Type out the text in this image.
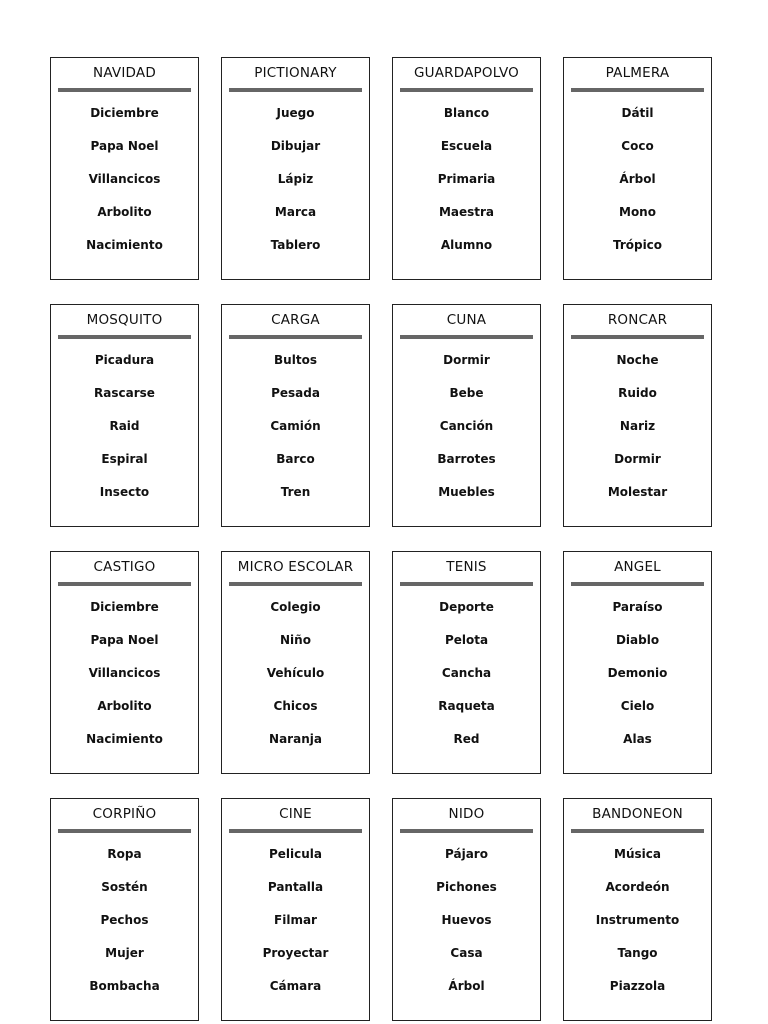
NAVIDAD
Diciembre
Papa Noel
Villancicos
Arbolito
Nacimiento
PICTIONARY
Juego
Dibujar
Lápiz
Marca
Tablero
GUARDAPOLVO
Blanco
Escuela
Primaria
Maestra
Alumno
PALMERA
Dátil
Coco
Árbol
Mono
Trópico
MOSQUITO
Picadura
Rascarse
Raid
Espiral
Insecto
CARGA
Bultos
Pesada
Camión
Barco
Tren
CUNA
Dormir
Bebe
Canción
Barrotes
Muebles
RONCAR
Noche
Ruido
Nariz
Dormir
Molestar
CASTIGO
Diciembre
Papa Noel
Villancicos
Arbolito
Nacimiento
MICRO ESCOLAR
Colegio
Niño
Vehículo
Chicos
Naranja
TENIS
Deporte
Pelota
Cancha
Raqueta
Red
ANGEL
Paraíso
Diablo
Demonio
Cielo
Alas
CORPIÑO
Ropa
Sostén
Pechos
Mujer
Bombacha
CINE
Pelicula
Pantalla
Filmar
Proyectar
Cámara
NIDO
Pájaro
Pichones
Huevos
Casa
Árbol
BANDONEON
Música
Acordeón
Instrumento
Tango
Piazzola
